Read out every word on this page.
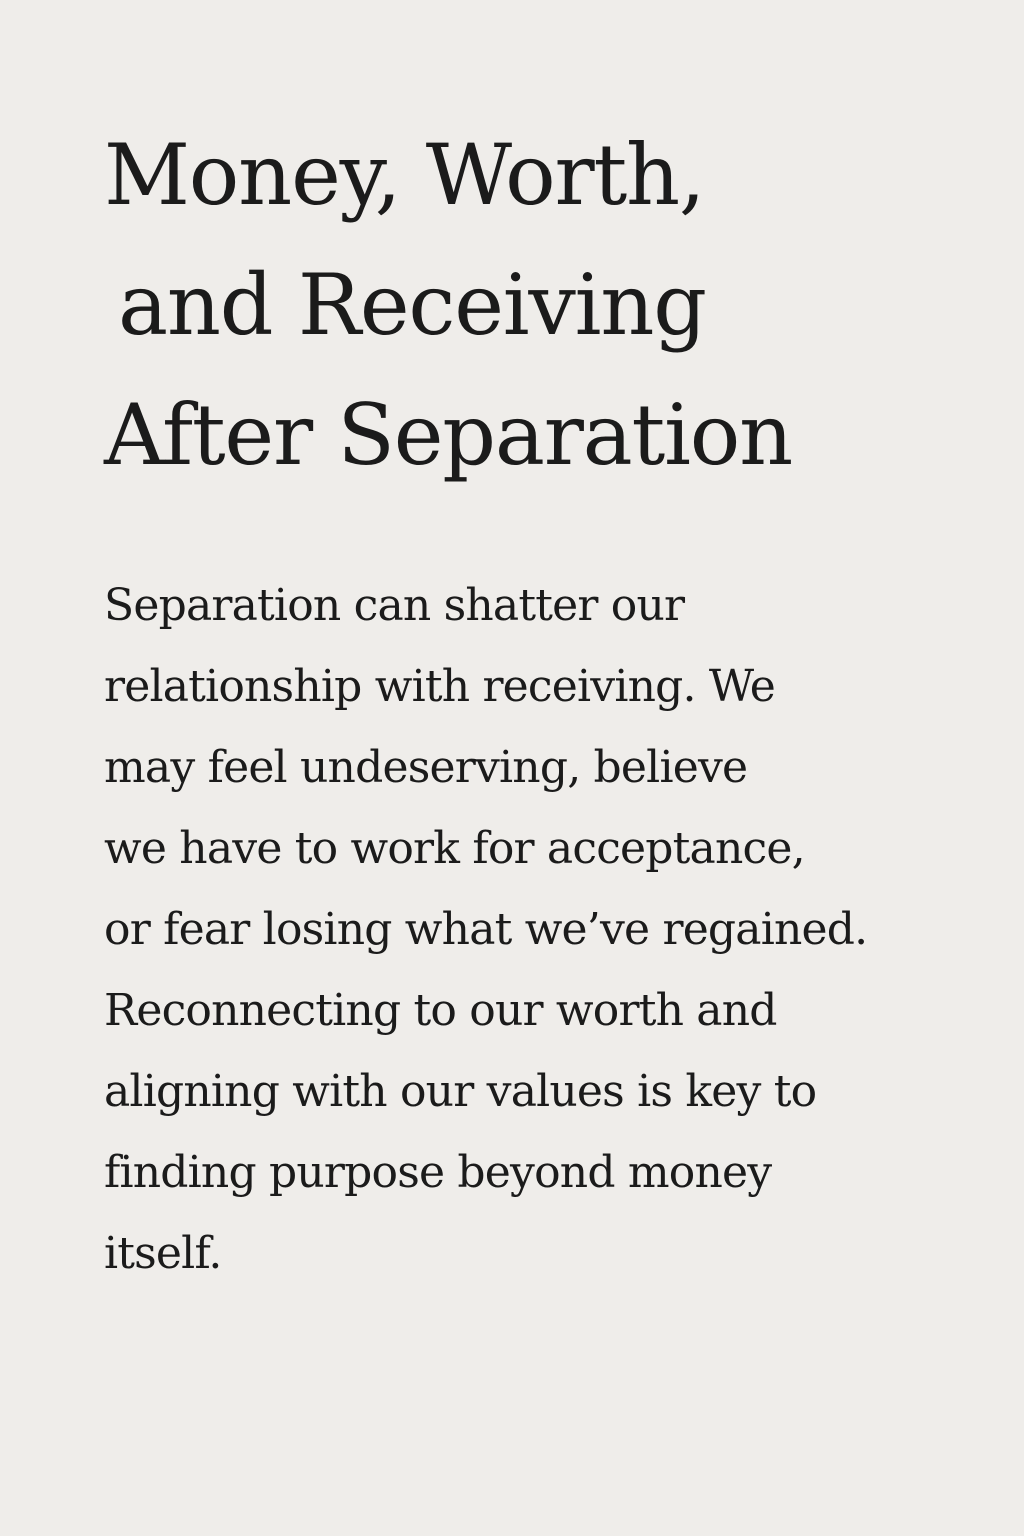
Money, Worth,
and Receiving
After Separation

Separation can shatter our
relationship with receiving. We
may feel undeserving, believe
we have to work for acceptance,
or fear losing what we’ve regained.
Reconnecting to our worth and
aligning with our values is key to
finding purpose beyond money
itself.
